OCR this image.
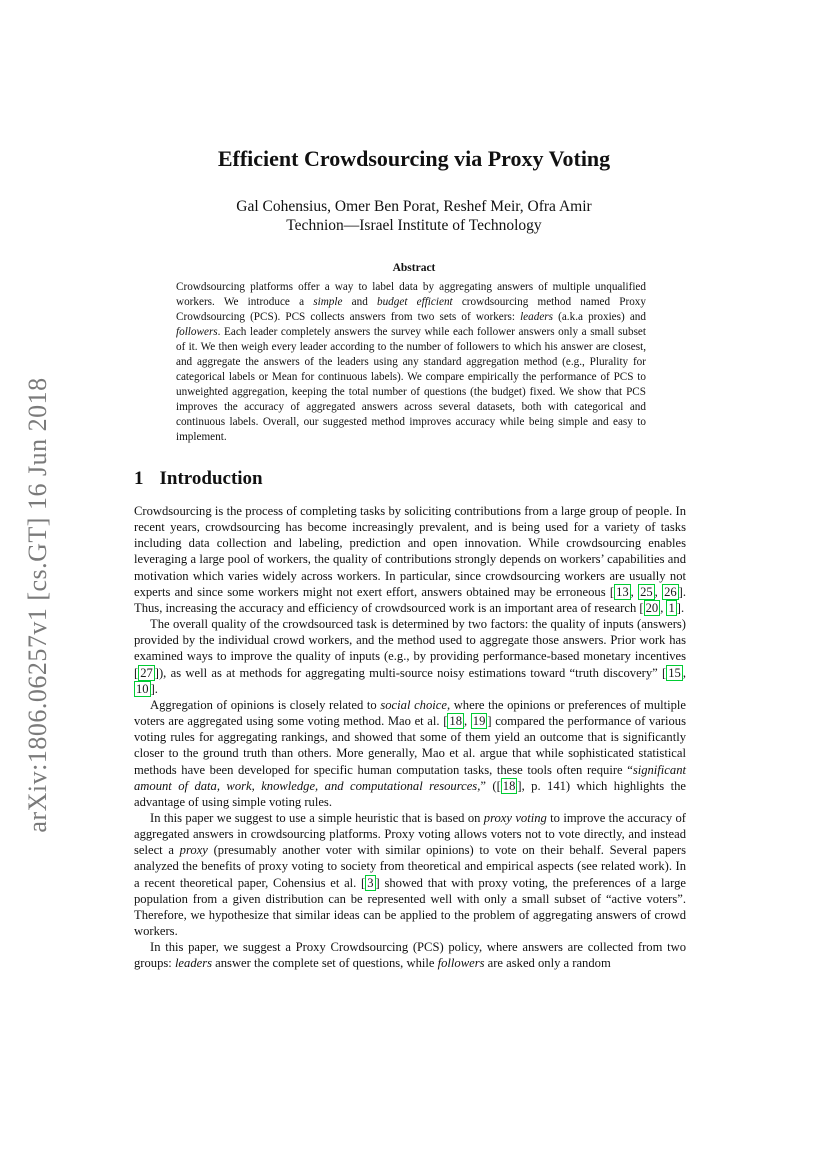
arXiv:1806.06257v1 [cs.GT] 16 Jun 2018
Efficient Crowdsourcing via Proxy Voting
Gal Cohensius, Omer Ben Porat, Reshef Meir, Ofra Amir
Technion—Israel Institute of Technology
Abstract
Crowdsourcing platforms offer a way to label data by aggregating answers of multiple unqualified workers. We introduce a simple and budget efficient crowdsourcing method named Proxy Crowdsourcing (PCS). PCS collects answers from two sets of workers: leaders (a.k.a proxies) and followers. Each leader completely answers the survey while each follower answers only a small subset of it. We then weigh every leader according to the number of followers to which his answer are closest, and aggregate the answers of the leaders using any standard aggregation method (e.g., Plurality for categorical labels or Mean for continuous labels). We compare empirically the performance of PCS to unweighted aggregation, keeping the total number of questions (the budget) fixed. We show that PCS improves the accuracy of aggregated answers across several datasets, both with categorical and continuous labels. Overall, our suggested method improves accuracy while being simple and easy to implement.
1 Introduction

Crowdsourcing is the process of completing tasks by soliciting contributions from a large group of people. In recent years, crowdsourcing has become increasingly prevalent, and is being used for a variety of tasks including data collection and labeling, prediction and open innovation. While crowdsourcing enables leveraging a large pool of workers, the quality of contributions strongly depends on workers’ capabilities and motivation which varies widely across workers. In particular, since crowdsourcing workers are usually not experts and since some workers might not exert effort, answers obtained may be erroneous [ 13 , 25 , 26 ]. Thus, increasing the accuracy and efficiency of crowdsourced work is an important area of research [ 20 , 1 ].

The overall quality of the crowdsourced task is determined by two factors: the quality of inputs (answers) provided by the individual crowd workers, and the method used to aggregate those answers. Prior work has examined ways to improve the quality of inputs (e.g., by providing performance-based monetary incentives [ 27 ]), as well as at methods for aggregating multi-source noisy estimations toward “truth discovery” [ 15 , 10 ].

Aggregation of opinions is closely related to social choice, where the opinions or preferences of multiple voters are aggregated using some voting method. Mao et al. [ 18 , 19 ] compared the performance of various voting rules for aggregating rankings, and showed that some of them yield an outcome that is significantly closer to the ground truth than others. More generally, Mao et al. argue that while sophisticated statistical methods have been developed for specific human computation tasks, these tools often require “significant amount of data, work, knowledge, and computational resources,” ([ 18 ], p. 141) which highlights the advantage of using simple voting rules.

In this paper we suggest to use a simple heuristic that is based on proxy voting to improve the accuracy of aggregated answers in crowdsourcing platforms. Proxy voting allows voters not to vote directly, and instead select a proxy (presumably another voter with similar opinions) to vote on their behalf. Several papers analyzed the benefits of proxy voting to society from theoretical and empirical aspects (see related work). In a recent theoretical paper, Cohensius et al. [ 3 ] showed that with proxy voting, the preferences of a large population from a given distribution can be represented well with only a small subset of “active voters”. Therefore, we hypothesize that similar ideas can be applied to the problem of aggregating answers of crowd workers.

In this paper, we suggest a Proxy Crowdsourcing (PCS) policy, where answers are collected from two groups: leaders answer the complete set of questions, while followers are asked only a random
